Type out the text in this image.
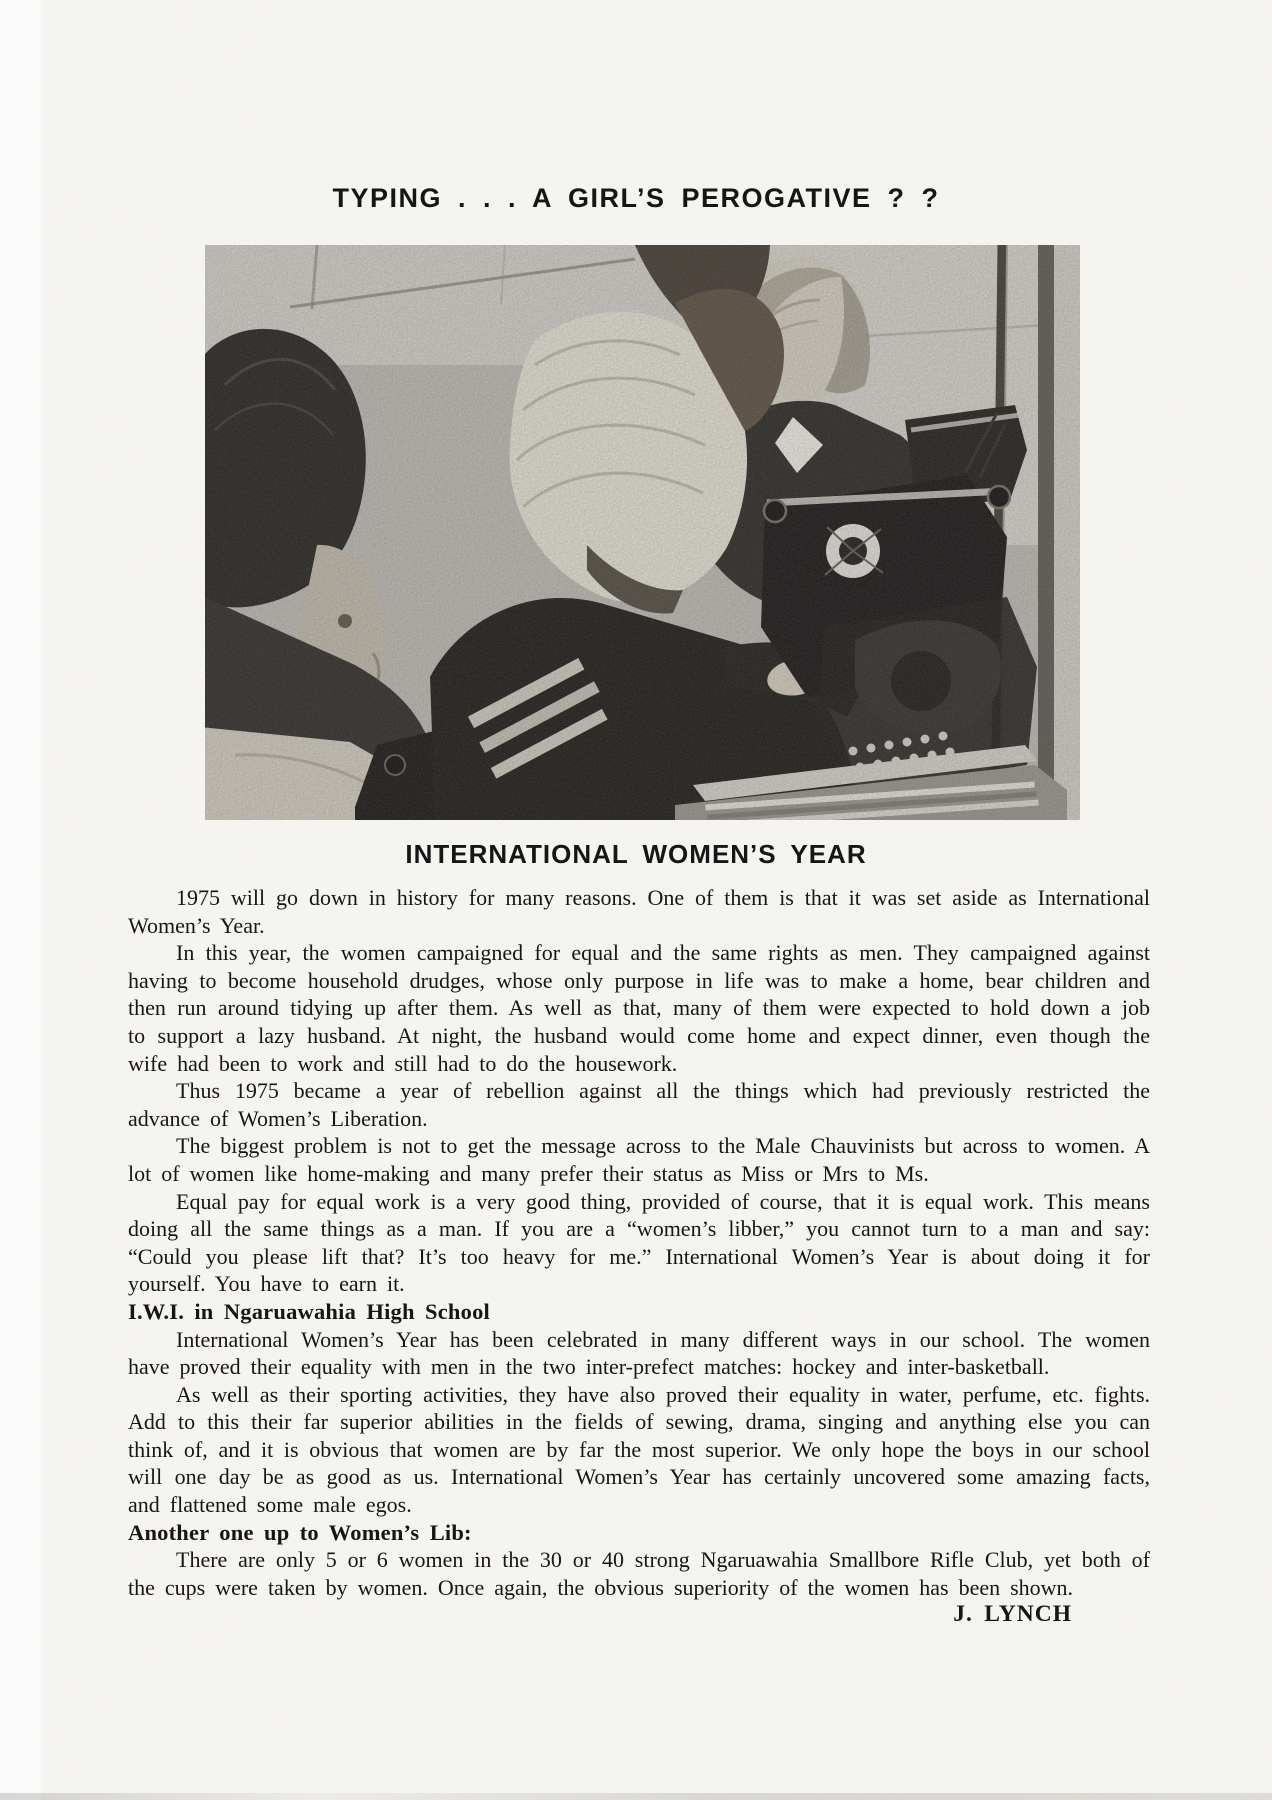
TYPING . . . A GIRL’S PEROGATIVE ? ?
INTERNATIONAL WOMEN’S YEAR

1975 will go down in history for many reasons. One of them is that it was set aside as International Women’s Year.

In this year, the women campaigned for equal and the same rights as men. They campaigned against having to become household drudges, whose only purpose in life was to make a home, bear children and then run around tidying up after them. As well as that, many of them were expected to hold down a job to support a lazy husband. At night, the husband would come home and expect dinner, even though the wife had been to work and still had to do the housework.

Thus 1975 became a year of rebellion against all the things which had previously restricted the advance of Women’s Liberation.

The biggest problem is not to get the message across to the Male Chauvinists but across to women. A lot of women like home-making and many prefer their status as Miss or Mrs to Ms.

Equal pay for equal work is a very good thing, provided of course, that it is equal work. This means doing all the same things as a man. If you are a “women’s libber,” you cannot turn to a man and say: “Could you please lift that? It’s too heavy for me.” International Women’s Year is about doing it for yourself. You have to earn it.

I.W.I. in Ngaruawahia High School

International Women’s Year has been celebrated in many different ways in our school. The women have proved their equality with men in the two inter-prefect matches: hockey and inter-basketball.

As well as their sporting activities, they have also proved their equality in water, perfume, etc. fights. Add to this their far superior abilities in the fields of sewing, drama, singing and anything else you can think of, and it is obvious that women are by far the most superior. We only hope the boys in our school will one day be as good as us. International Women’s Year has certainly uncovered some amazing facts, and flattened some male egos.

Another one up to Women’s Lib:

There are only 5 or 6 women in the 30 or 40 strong Ngaruawahia Smallbore Rifle Club, yet both of the cups were taken by women. Once again, the obvious superiority of the women has been shown.

J. LYNCH
